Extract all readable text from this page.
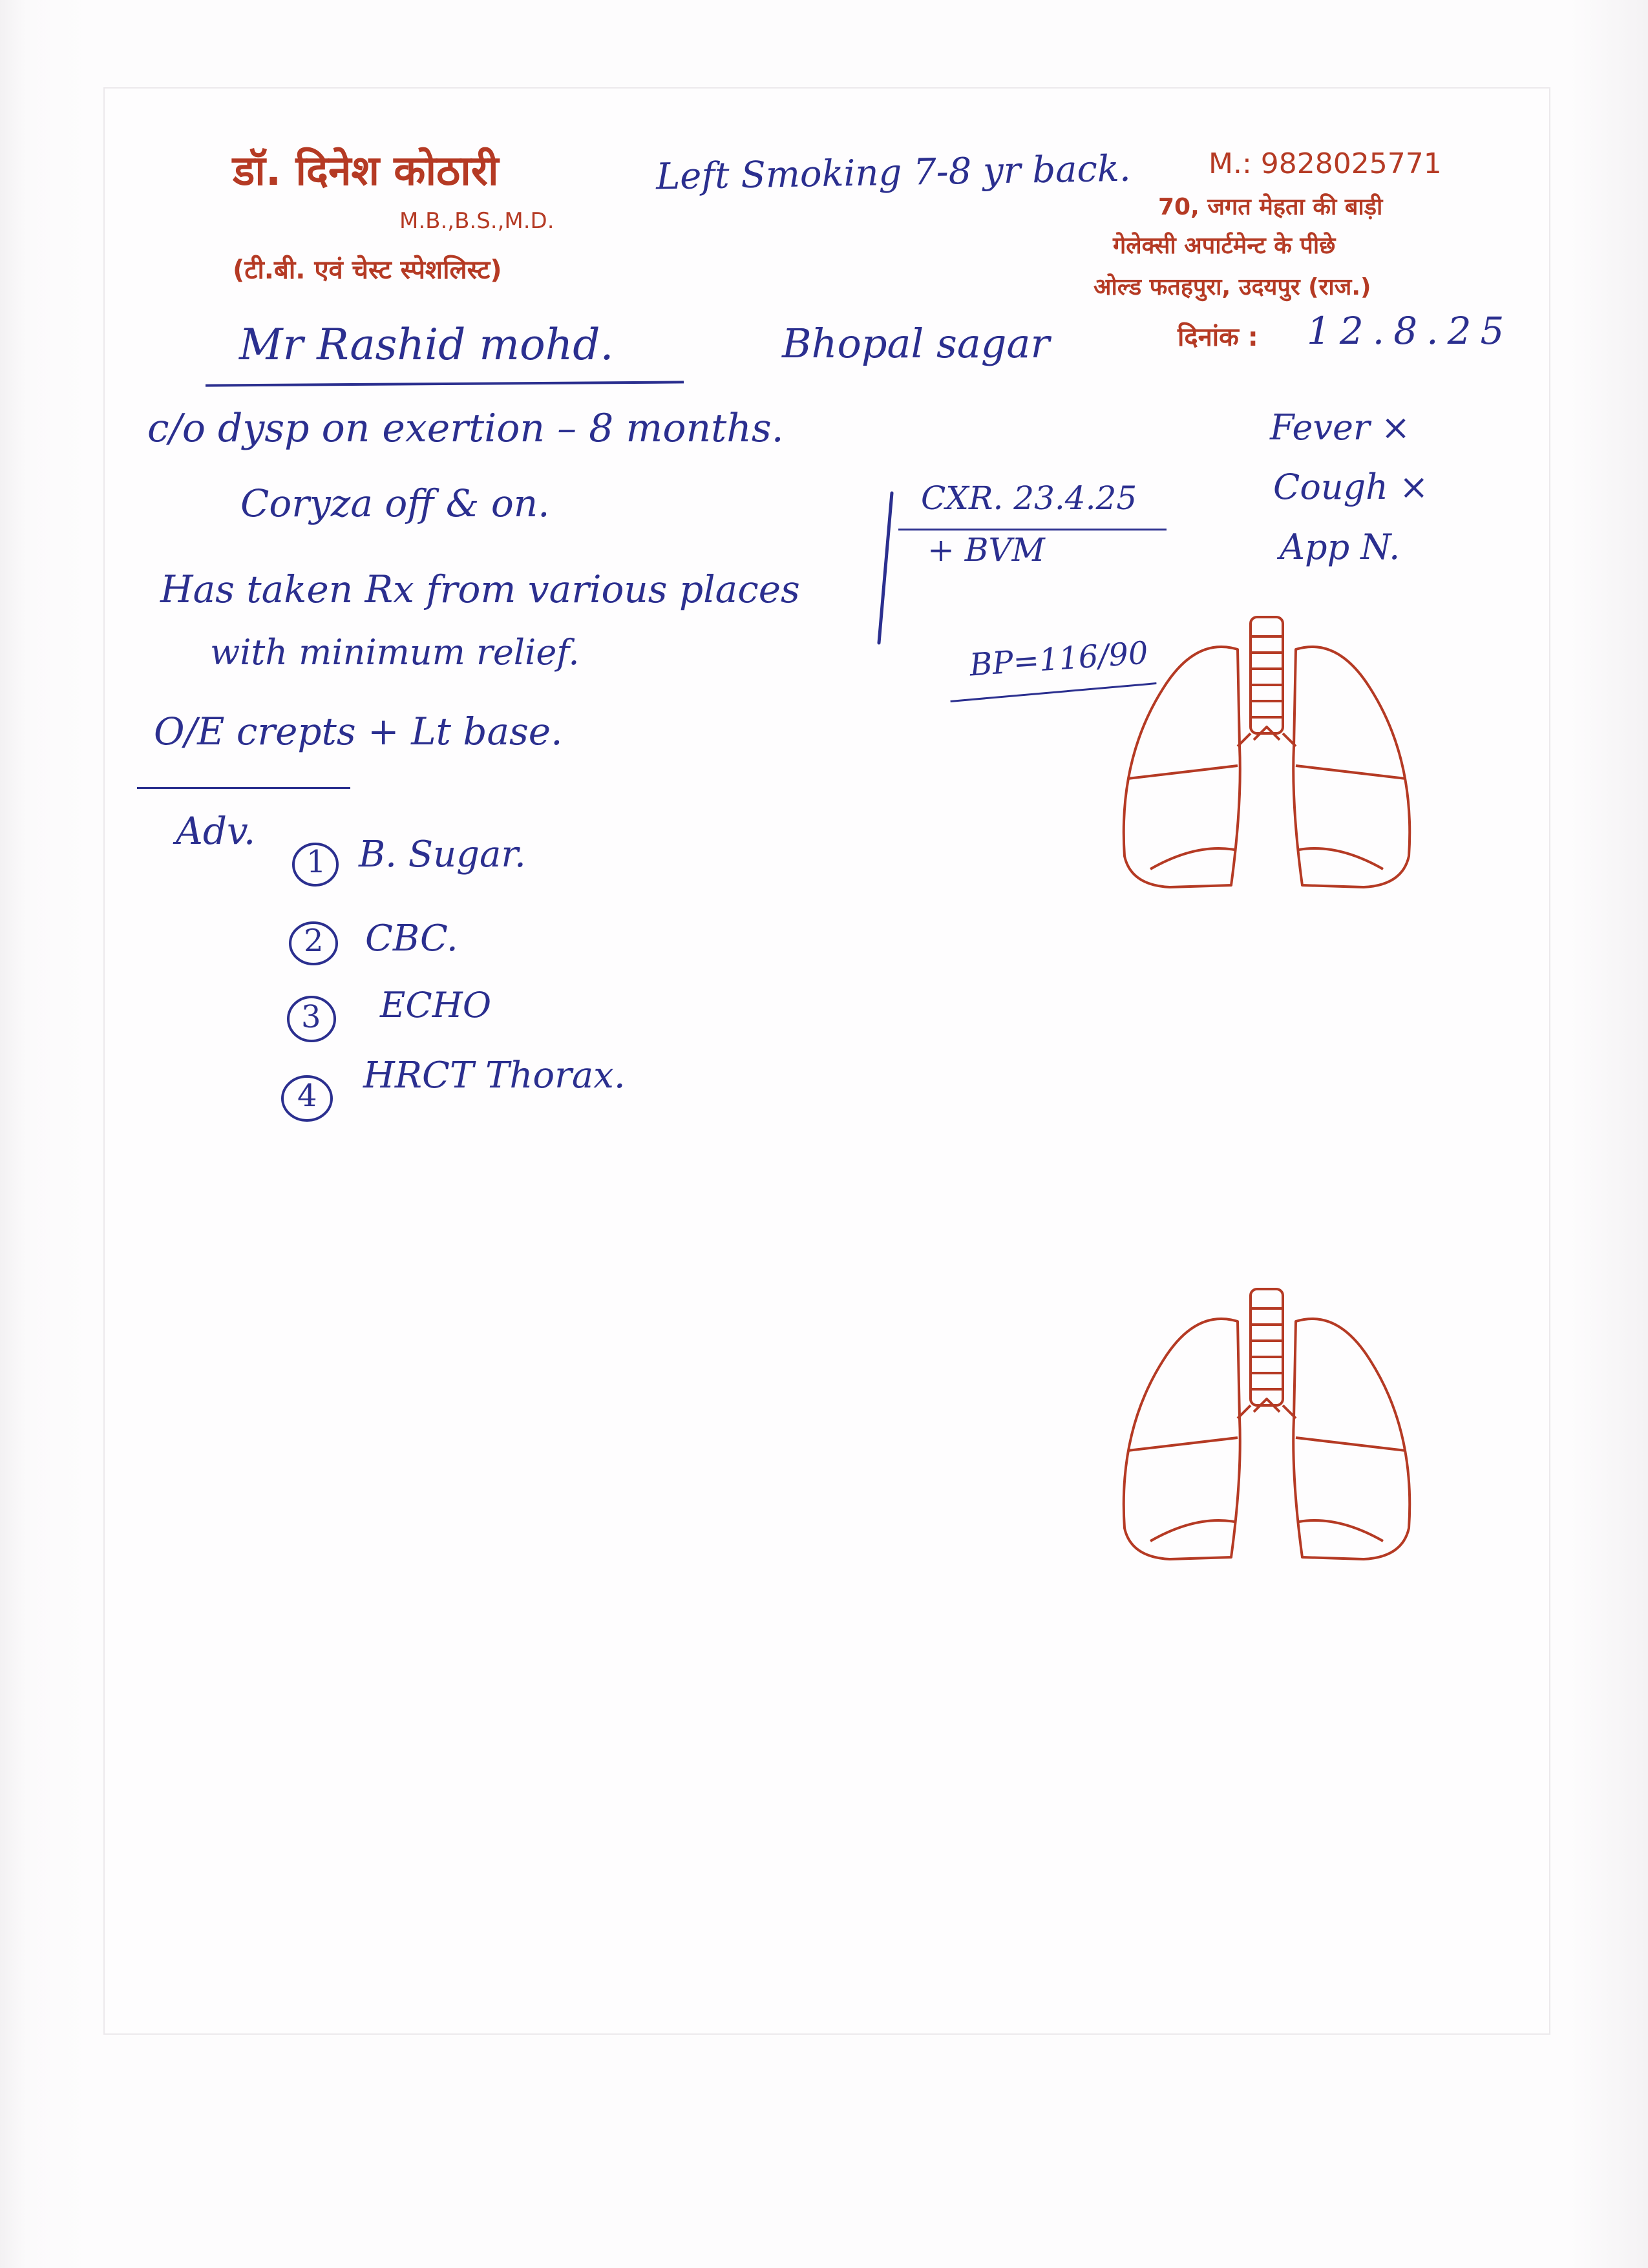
डॉ. दिनेश कोठारी
M.B.,B.S.,M.D.
(टी.बी. एवं चेस्ट स्पेशलिस्ट)
M.: 9828025771
70, जगत मेहता की बाड़ी
गेलेक्सी अपार्टमेन्ट के पीछे
ओल्ड फतहपुरा, उदयपुर (राज.)
दिनांक : 12.8.25
Left Smoking 7-8 yr back.
Mr Rashid mohd.	Bhopal sagar
c/o dysp on exertion – 8 months.
Coryza off & on.
Has taken Rx from various places
with minimum relief.
CXR. 23.4.25
+ BVM
Fever ×
Cough ×
App N.
BP=116/90
O/E crepts + Lt base.
Adv.
1 B. Sugar.
2 CBC.
3 ECHO
4 HRCT Thorax.
